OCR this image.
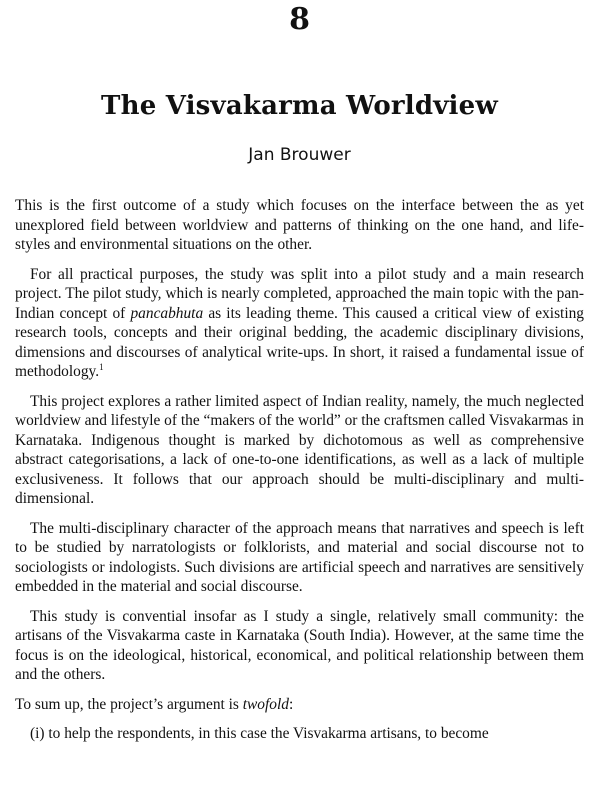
8
The Visvakarma Worldview
Jan Brouwer

This is the first outcome of a study which focuses on the interface between the as yet unexplored field between worldview and patterns of thinking on the one hand, and life-styles and environmental situations on the other.

For all practical purposes, the study was split into a pilot study and a main research project. The pilot study, which is nearly completed, approached the main topic with the pan-Indian concept of pancabhuta as its leading theme. This caused a critical view of existing research tools, concepts and their original bedding, the academic disciplinary divisions, dimensions and discourses of analytical write-ups. In short, it raised a fundamental issue of methodology.$^1$

This project explores a rather limited aspect of Indian reality, namely, the much neglected worldview and lifestyle of the “makers of the world” or the craftsmen called Visvakarmas in Karnataka. Indigenous thought is marked by dichotomous as well as comprehensive abstract categorisations, a lack of one-to-one identifications, as well as a lack of multiple exclusiveness. It follows that our approach should be multi-disciplinary and multi-dimensional.

The multi-disciplinary character of the approach means that narratives and speech is left to be studied by narratologists or folklorists, and material and social discourse not to sociologists or indologists. Such divisions are artificial speech and narratives are sensitively embedded in the material and social discourse.

This study is convential insofar as I study a single, relatively small community: the artisans of the Visvakarma caste in Karnataka (South India). However, at the same time the focus is on the ideological, historical, economical, and political relationship between them and the others.

To sum up, the project’s argument is twofold:

(i) to help the respondents, in this case the Visvakarma artisans, to become
